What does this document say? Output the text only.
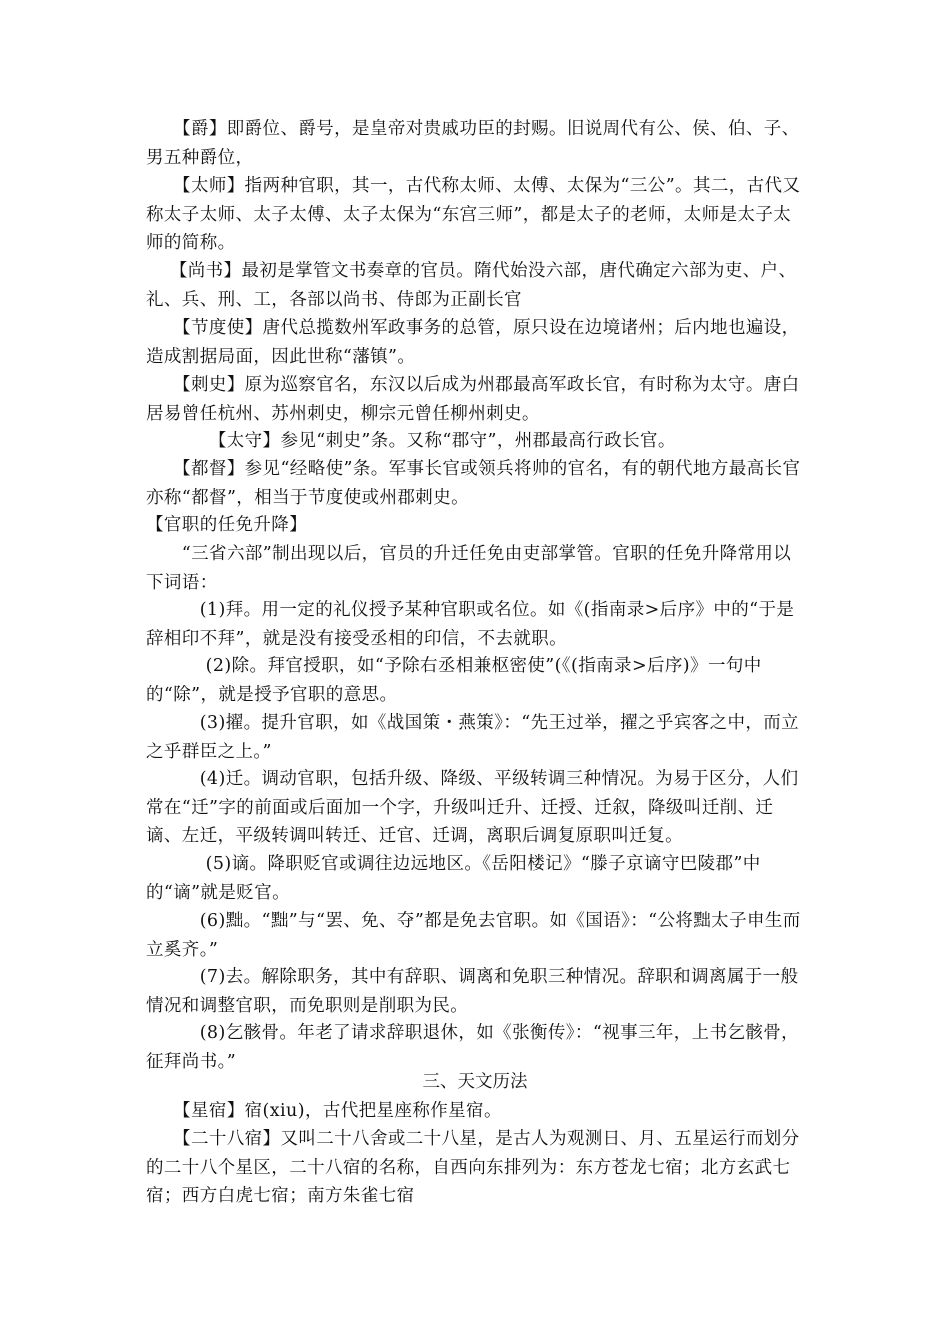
　　【爵】即爵位、爵号，是皇帝对贵戚功臣的封赐。旧说周代有公、侯、伯、子、男五种爵位，

　　【太师】指两种官职，其一，古代称太师、太傅、太保为“三公”。其二，古代又称太子太师、太子太傅、太子太保为“东宫三师”，都是太子的老师，太师是太子太师的简称。

　 【尚书】最初是掌管文书奏章的官员。隋代始没六部，唐代确定六部为吏、户、礼、兵、刑、工，各部以尚书、侍郎为正副长官

　　【节度使】唐代总揽数州军政事务的总管，原只设在边境诸州；后内地也遍设，造成割据局面，因此世称“藩镇”。

　　【刺史】原为巡察官名，东汉以后成为州郡最高军政长官，有时称为太守。唐白居易曾任杭州、苏州刺史，柳宗元曾任柳州刺史。

　　　　【太守】参见“刺史”条。又称“郡守”，州郡最高行政长官。

　　【都督】参见“经略使”条。军事长官或领兵将帅的官名，有的朝代地方最高长官亦称“都督”，相当于节度使或州郡刺史。

【官职的任免升降】

　　“三省六部”制出现以后，官员的升迁任免由吏部掌管。官职的任免升降常用以下词语：

　　　(1)拜。用一定的礼仪授予某种官职或名位。如《(指南录>后序》中的“于是辞相印不拜”，就是没有接受丞相的印信，不去就职。

　　　 (2)除。拜官授职，如“予除右丞相兼枢密使”(《(指南录>后序)》一句中的“除”，就是授予官职的意思。

　　　(3)擢。提升官职，如《战国策・燕策》：“先王过举，擢之乎宾客之中，而立之乎群臣之上。”

　　　(4)迁。调动官职，包括升级、降级、平级转调三种情况。为易于区分，人们常在“迁”字的前面或后面加一个字，升级叫迁升、迁授、迁叙，降级叫迁削、迁谪、左迁，平级转调叫转迁、迁官、迁调，离职后调复原职叫迁复。

　　　 (5)谪。降职贬官或调往边远地区。《岳阳楼记》“滕子京谪守巴陵郡”中的“谪”就是贬官。

　　　(6)黜。“黜”与“罢、免、夺”都是免去官职。如《国语》：“公将黜太子申生而立奚齐。”

　　　(7)去。解除职务，其中有辞职、调离和免职三种情况。辞职和调离属于一般情况和调整官职，而免职则是削职为民。

　　　(8)乞骸骨。年老了请求辞职退休，如《张衡传》：“视事三年，上书乞骸骨，征拜尚书。”

三、天文历法

　　【星宿】宿(xiu)，古代把星座称作星宿。

　　【二十八宿】又叫二十八舍或二十八星，是古人为观测日、月、五星运行而划分的二十八个星区，二十八宿的名称，自西向东排列为：东方苍龙七宿；北方玄武七宿；西方白虎七宿；南方朱雀七宿
